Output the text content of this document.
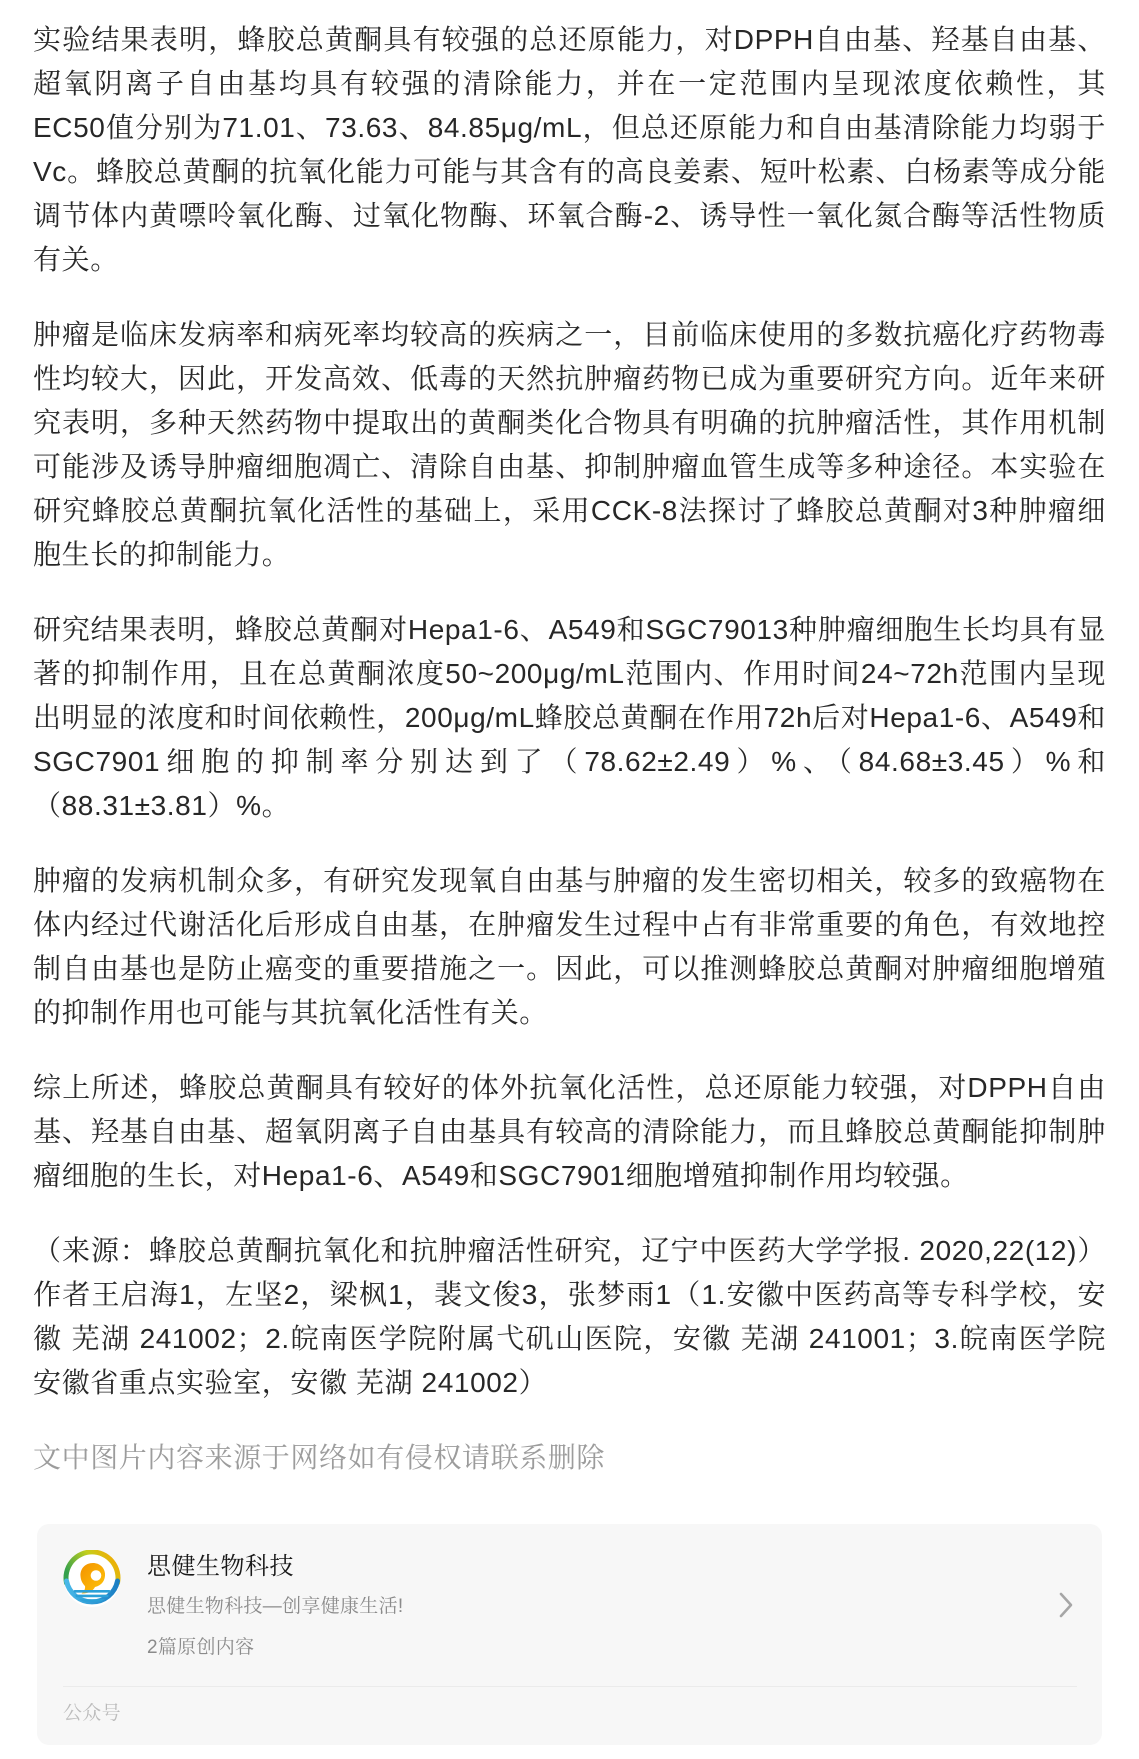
实验结果表明，蜂胶总黄酮具有较强的总还原能力，对DPPH自由基、羟基自由基、超氧阴离子自由基均具有较强的清除能力，并在一定范围内呈现浓度依赖性，其EC50值分别为71.01、73.63、84.85μg/mL，但总还原能力和自由基清除能力均弱于Vc。蜂胶总黄酮的抗氧化能力可能与其含有的高良姜素、短叶松素、白杨素等成分能调节体内黄嘌呤氧化酶、过氧化物酶、环氧合酶-2、诱导性一氧化氮合酶等活性物质有关。

肿瘤是临床发病率和病死率均较高的疾病之一，目前临床使用的多数抗癌化疗药物毒性均较大，因此，开发高效、低毒的天然抗肿瘤药物已成为重要研究方向。近年来研究表明，多种天然药物中提取出的黄酮类化合物具有明确的抗肿瘤活性，其作用机制可能涉及诱导肿瘤细胞凋亡、清除自由基、抑制肿瘤血管生成等多种途径。本实验在研究蜂胶总黄酮抗氧化活性的基础上，采用CCK-8法探讨了蜂胶总黄酮对3种肿瘤细胞生长的抑制能力。

研究结果表明，蜂胶总黄酮对Hepa1-6、A549和SGC79013种肿瘤细胞生长均具有显著的抑制作用，且在总黄酮浓度50~200μg/mL范围内、作用时间24~72h范围内呈现出明显的浓度和时间依赖性，200μg/mL蜂胶总黄酮在作用72h后对Hepa1-6、A549和SGC7901细胞的抑制率分别达到了（78.62±2.49）%、（84.68±3.45）%和（88.31±3.81）%。

肿瘤的发病机制众多，有研究发现氧自由基与肿瘤的发生密切相关，较多的致癌物在体内经过代谢活化后形成自由基，在肿瘤发生过程中占有非常重要的角色，有效地控制自由基也是防止癌变的重要措施之一。因此，可以推测蜂胶总黄酮对肿瘤细胞增殖的抑制作用也可能与其抗氧化活性有关。

综上所述，蜂胶总黄酮具有较好的体外抗氧化活性，总还原能力较强，对DPPH自由基、羟基自由基、超氧阴离子自由基具有较高的清除能力，而且蜂胶总黄酮能抑制肿瘤细胞的生长，对Hepa1-6、A549和SGC7901细胞增殖抑制作用均较强。

（来源：蜂胶总黄酮抗氧化和抗肿瘤活性研究，辽宁中医药大学学报. 2020,22(12)）作者王启海1，左坚2，梁枫1，裴文俊3，张梦雨1（1.安徽中医药高等专科学校，安徽 芜湖 241002；2.皖南医学院附属弋矶山医院，安徽 芜湖 241001；3.皖南医学院安徽省重点实验室，安徽 芜湖 241002）

文中图片内容来源于网络如有侵权请联系删除

思健生物科技
思健生物科技—创享健康生活!
2篇原创内容
公众号
